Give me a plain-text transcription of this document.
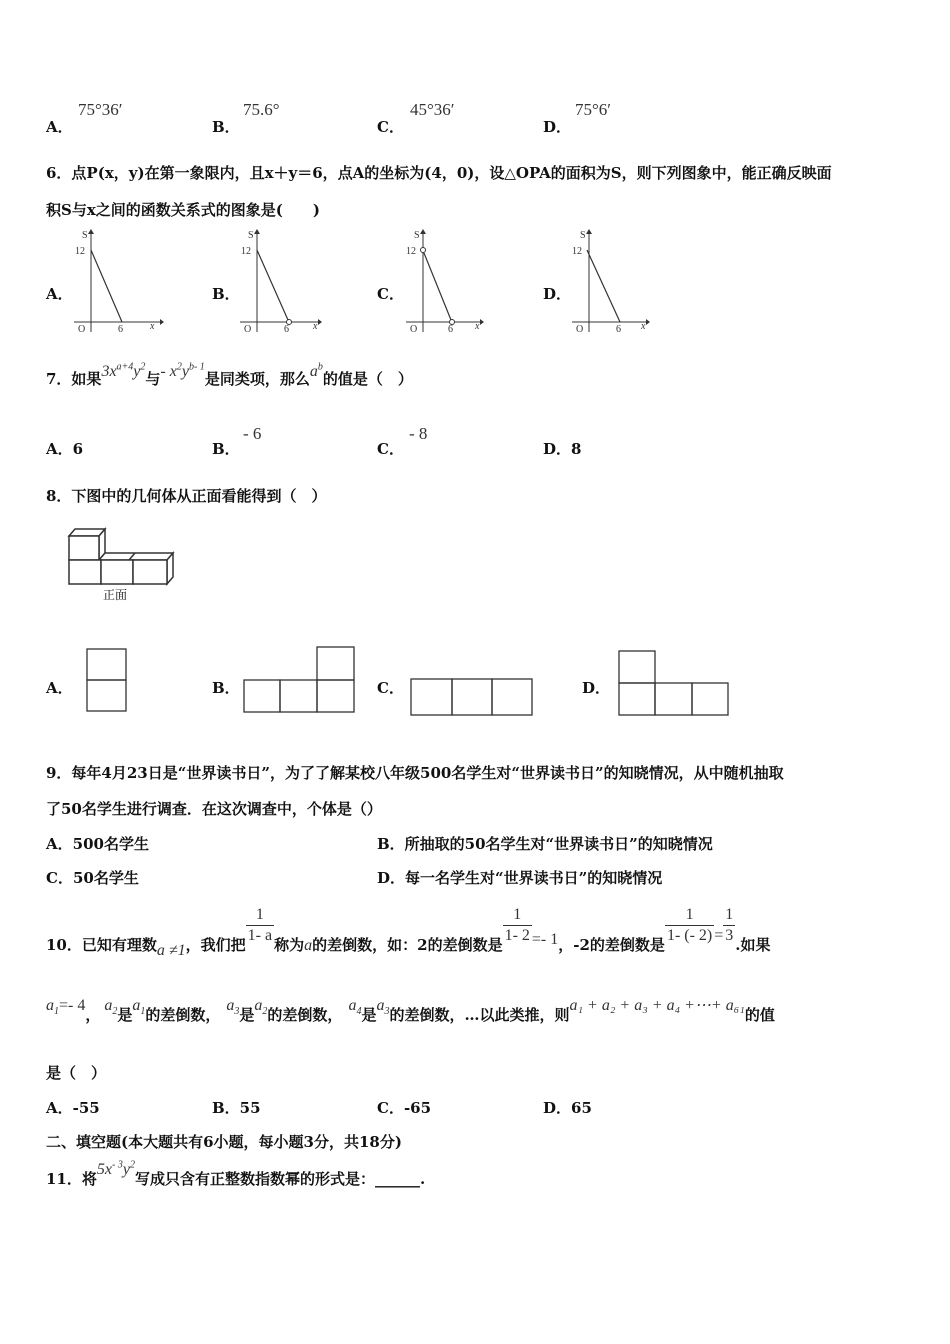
A．
75°36′
B．
75.6°
C．
45°36′
D．
75°6′
6．点P(x，y)在第一象限内，且x＋y＝6，点A的坐标为(4，0)，设△OPA的面积为S，则下列图象中，能正确反映面
积S与x之间的函数关系式的图象是(　　)
A．	B．	C．	D．
S
12
O	6	x
S
12
O	6 x
S
12
O	6 x
S
12
O	6 x
7．如果$3x^{a+4}y^2$与- $x^2y^{b- 1}$是同类项，那么$a^b$的值是（　）
A．6	B．
- 6
C．
- 8
D．8
8．下图中的几何体从正面看能得到（　）
正面
A．	B．	C．	D．
9．每年4月23日是“世界读书日”，为了了解某校八年级500名学生对“世界读书日”的知晓情况，从中随机抽取
了50名学生进行调查．在这次调查中，个体是（）
A．500名学生	B．所抽取的50名学生对“世界读书日”的知晓情况
C．50名学生	D．每一名学生对“世界读书日”的知晓情况
10．已知有理数a ≠1，我们把 $\frac{1}{1- a}$ 称为a的差倒数，如：2的差倒数是 $\frac{1}{1- 2} =- 1$，-2的差倒数是 $\frac{1}{1- (- 2)} = \frac{1}{3}$ .如果
$a_1=-$ 4，$a_2$是$a_1$的差倒数，$a_3$是$a_2$的差倒数，$a_4$是$a_3$的差倒数，…以此类推，则a₁ + a₂ + a₃ + a₄ +⋯+ a₆₁的值
是（　）
A．-55	B．55	C．-65	D．65
二、填空题(本大题共有6小题，每小题3分，共18分)
11．将$5x^{- 3}y^2$写成只含有正整数指数幂的形式是：______.
